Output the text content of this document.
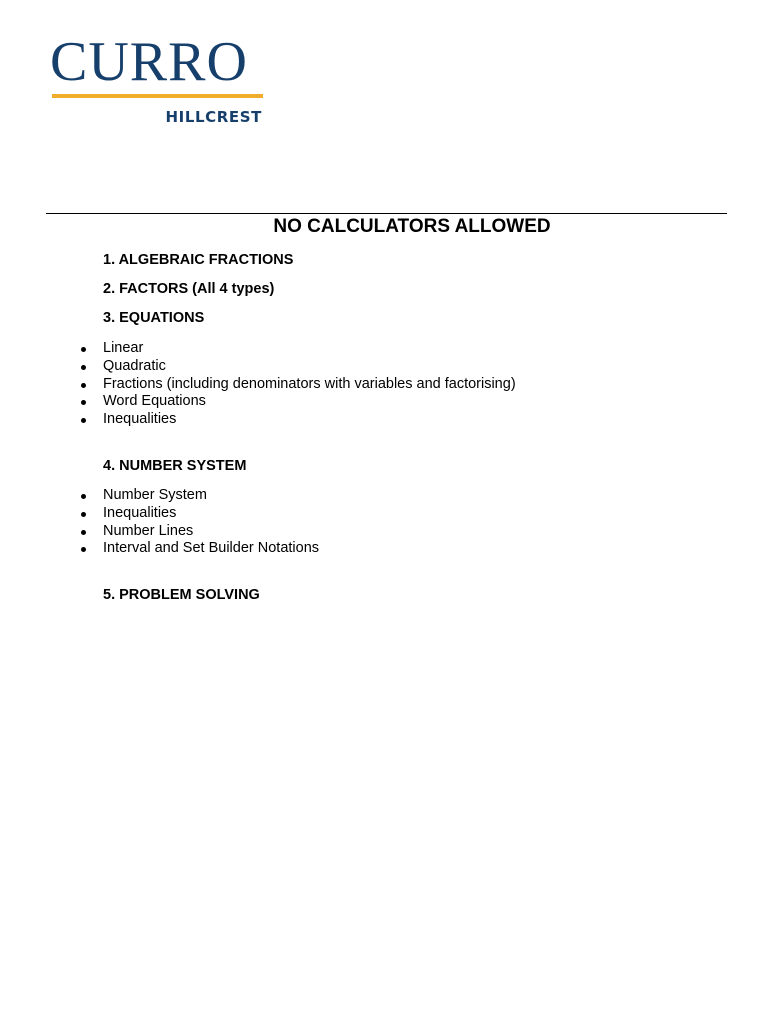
CURRO
HILLCREST
NO CALCULATORS ALLOWED
1. ALGEBRAIC FRACTIONS
2. FACTORS (All 4 types)
3. EQUATIONS
Linear
Quadratic
Fractions (including denominators with variables and factorising)
Word Equations
Inequalities
4. NUMBER SYSTEM
Number System
Inequalities
Number Lines
Interval and Set Builder Notations
5. PROBLEM SOLVING
